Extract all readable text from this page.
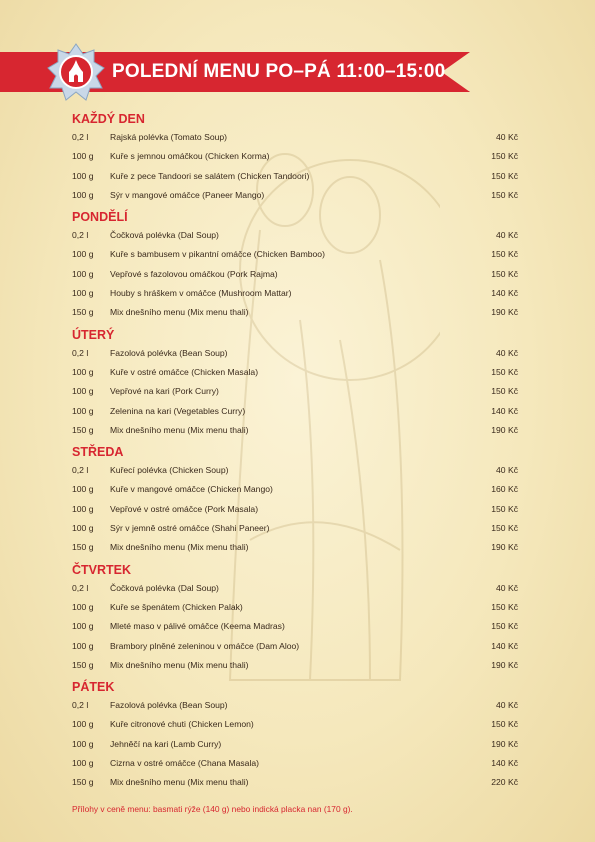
POLEDNÍ MENU PO–PÁ 11:00–15:00
KAŽDÝ DEN
0,2 l	Rajská polévka (Tomato Soup)	40 Kč
100 g	Kuře s jemnou omáčkou (Chicken Korma)	150 Kč
100 g	Kuře z pece Tandoori se salátem (Chicken Tandoori)	150 Kč
100 g	Sýr v mangové omáčce (Paneer Mango)	150 Kč
PONDĚLÍ
0,2 l	Čočková polévka (Dal Soup)	40 Kč
100 g	Kuře s bambusem v pikantní omáčce (Chicken Bamboo)	150 Kč
100 g	Vepřové s fazolovou omáčkou (Pork Rajma)	150 Kč
100 g	Houby s hráškem v omáčce (Mushroom Mattar)	140 Kč
150 g	Mix dnešního menu (Mix menu thali)	190 Kč
ÚTERÝ
0,2 l	Fazolová polévka (Bean Soup)	40 Kč
100 g	Kuře v ostré omáčce (Chicken Masala)	150 Kč
100 g	Vepřové na kari (Pork Curry)	150 Kč
100 g	Zelenina na kari (Vegetables Curry)	140 Kč
150 g	Mix dnešního menu (Mix menu thali)	190 Kč
STŘEDA
0,2 l	Kuřecí polévka (Chicken Soup)	40 Kč
100 g	Kuře v mangové omáčce (Chicken Mango)	160 Kč
100 g	Vepřové v ostré omáčce (Pork Masala)	150 Kč
100 g	Sýr v jemně ostré omáčce (Shahi Paneer)	150 Kč
150 g	Mix dnešního menu (Mix menu thali)	190 Kč
ČTVRTEK
0,2 l	Čočková polévka (Dal Soup)	40 Kč
100 g	Kuře se špenátem (Chicken Palak)	150 Kč
100 g	Mleté maso v pálivé omáčce (Keema Madras)	150 Kč
100 g	Brambory plněné zeleninou v omáčce (Dam Aloo)	140 Kč
150 g	Mix dnešního menu (Mix menu thali)	190 Kč
PÁTEK
0,2 l	Fazolová polévka (Bean Soup)	40 Kč
100 g	Kuře citronové chuti (Chicken Lemon)	150 Kč
100 g	Jehněčí na kari (Lamb Curry)	190 Kč
100 g	Cizrna v ostré omáčce (Chana Masala)	140 Kč
150 g	Mix dnešního menu (Mix menu thali)	220 Kč
Přílohy v ceně menu: basmati rýže (140 g) nebo indická placka nan (170 g).
